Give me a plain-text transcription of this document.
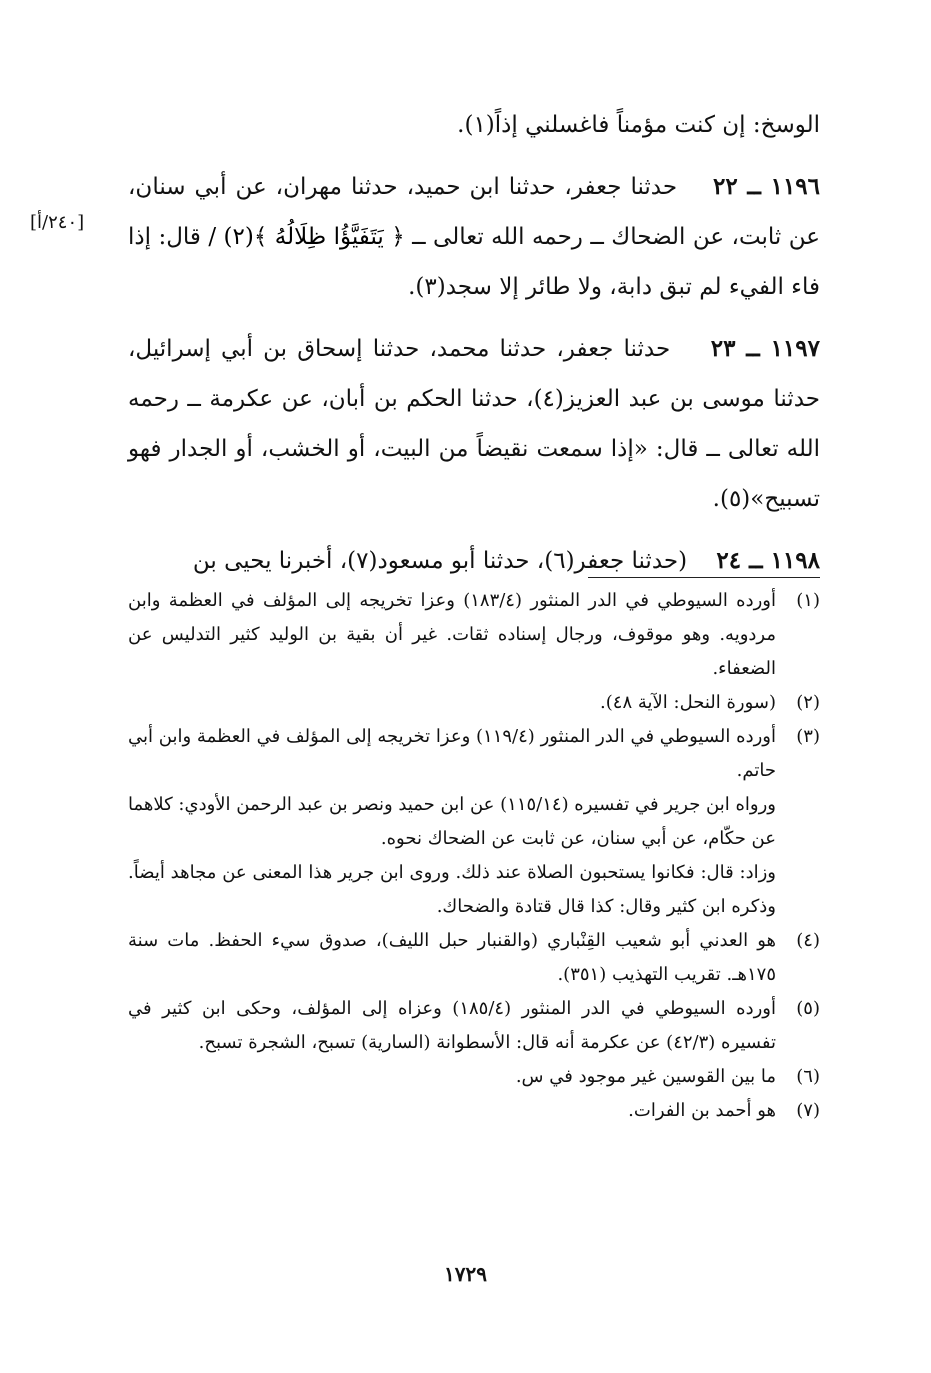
[٢٤٠/أ]

الوسخ: إن كنت مؤمناً فاغسلني إذاً(١).

١١٩٦ ــ ٢٢    حدثنا جعفر، حدثنا ابن حميد، حدثنا مهران، عن أبي سنان، عن ثابت، عن الضحاك ــ رحمه الله تعالى ــ ﴿ يَتَفَيَّؤُا ظِلَالُهُ ﴾(٢) / قال: إذا فاء الفيء لم تبق دابة، ولا طائر إلا سجد(٣).

١١٩٧ ــ ٢٣    حدثنا جعفر، حدثنا محمد، حدثنا إسحاق بن أبي إسرائيل، حدثنا موسى بن عبد العزيز(٤)، حدثنا الحكم بن أبان، عن عكرمة ــ رحمه الله تعالى ــ قال: «إذا سمعت نقيضاً من البيت، أو الخشب، أو الجدار فهو تسبيح»(٥).

١١٩٨ ــ ٢٤    (حدثنا جعفر(٦)، حدثنا أبو مسعود(٧)، أخبرنا يحيى بن

(١)

أورده السيوطي في الدر المنثور (١٨٣/٤) وعزا تخريجه إلى المؤلف في العظمة وابن مردويه. وهو موقوف، ورجال إسناده ثقات. غير أن بقية بن الوليد كثير التدليس عن الضعفاء.

(٢)

(سورة النحل: الآية ٤٨).

(٣)

أورده السيوطي في الدر المنثور (١١٩/٤) وعزا تخريجه إلى المؤلف في العظمة وابن أبي حاتم.

ورواه ابن جرير في تفسيره (١١٥/١٤) عن ابن حميد ونصر بن عبد الرحمن الأودي: كلاهما عن حكّام، عن أبي سنان، عن ثابت عن الضحاك نحوه.

وزاد: قال: فكانوا يستحبون الصلاة عند ذلك. وروى ابن جرير هذا المعنى عن مجاهد أيضاً. وذكره ابن كثير وقال: كذا قال قتادة والضحاك.

(٤)

هو العدني أبو شعيب القِنْباري (والقنبار حبل الليف)، صدوق سيء الحفظ. مات سنة ١٧٥هـ. تقريب التهذيب (٣٥١).

(٥)

أورده السيوطي في الدر المنثور (١٨٥/٤) وعزاه إلى المؤلف، وحكى ابن كثير في تفسيره (٤٢/٣) عن عكرمة أنه قال: الأسطوانة (السارية) تسبح، الشجرة تسبح.

(٦)

ما بين القوسين غير موجود في س.

(٧)

هو أحمد بن الفرات.

١٧٢٩
